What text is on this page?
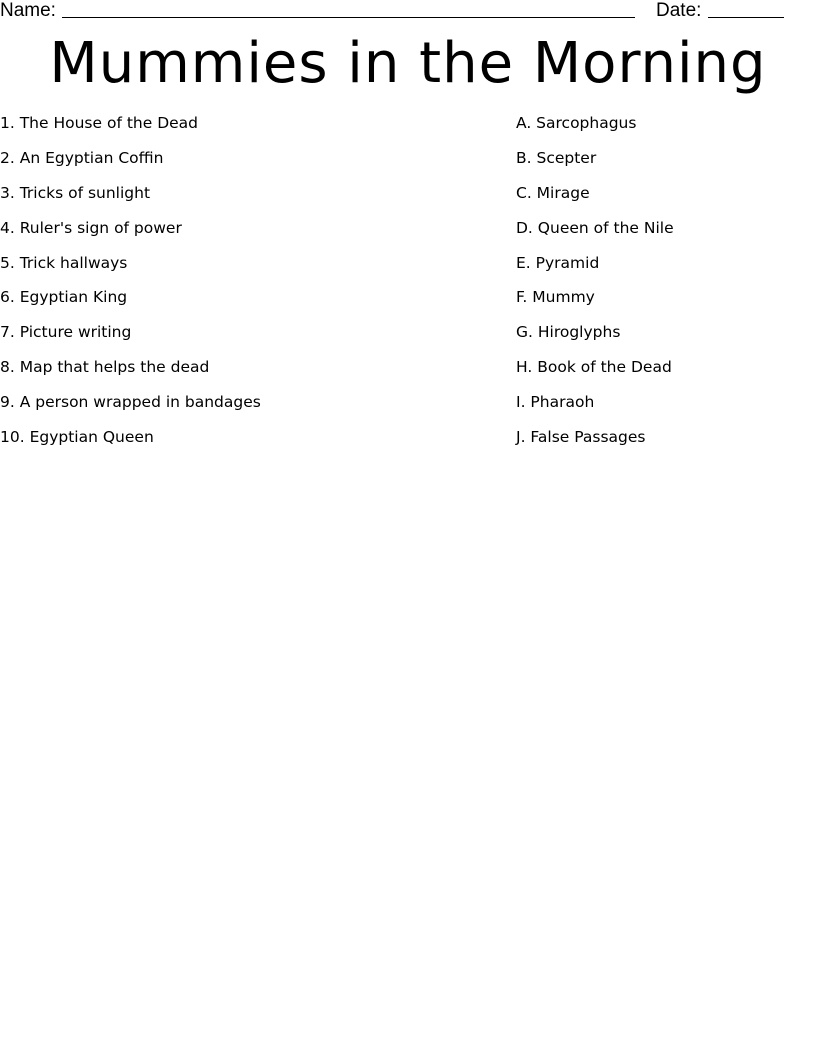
Name:	Date:
Mummies in the Morning
1. The House of the Dead
2. An Egyptian Coffin
3. Tricks of sunlight
4. Ruler's sign of power
5. Trick hallways
6. Egyptian King
7. Picture writing
8. Map that helps the dead
9. A person wrapped in bandages
10. Egyptian Queen
A. Sarcophagus
B. Scepter
C. Mirage
D. Queen of the Nile
E. Pyramid
F. Mummy
G. Hiroglyphs
H. Book of the Dead
I. Pharaoh
J. False Passages
